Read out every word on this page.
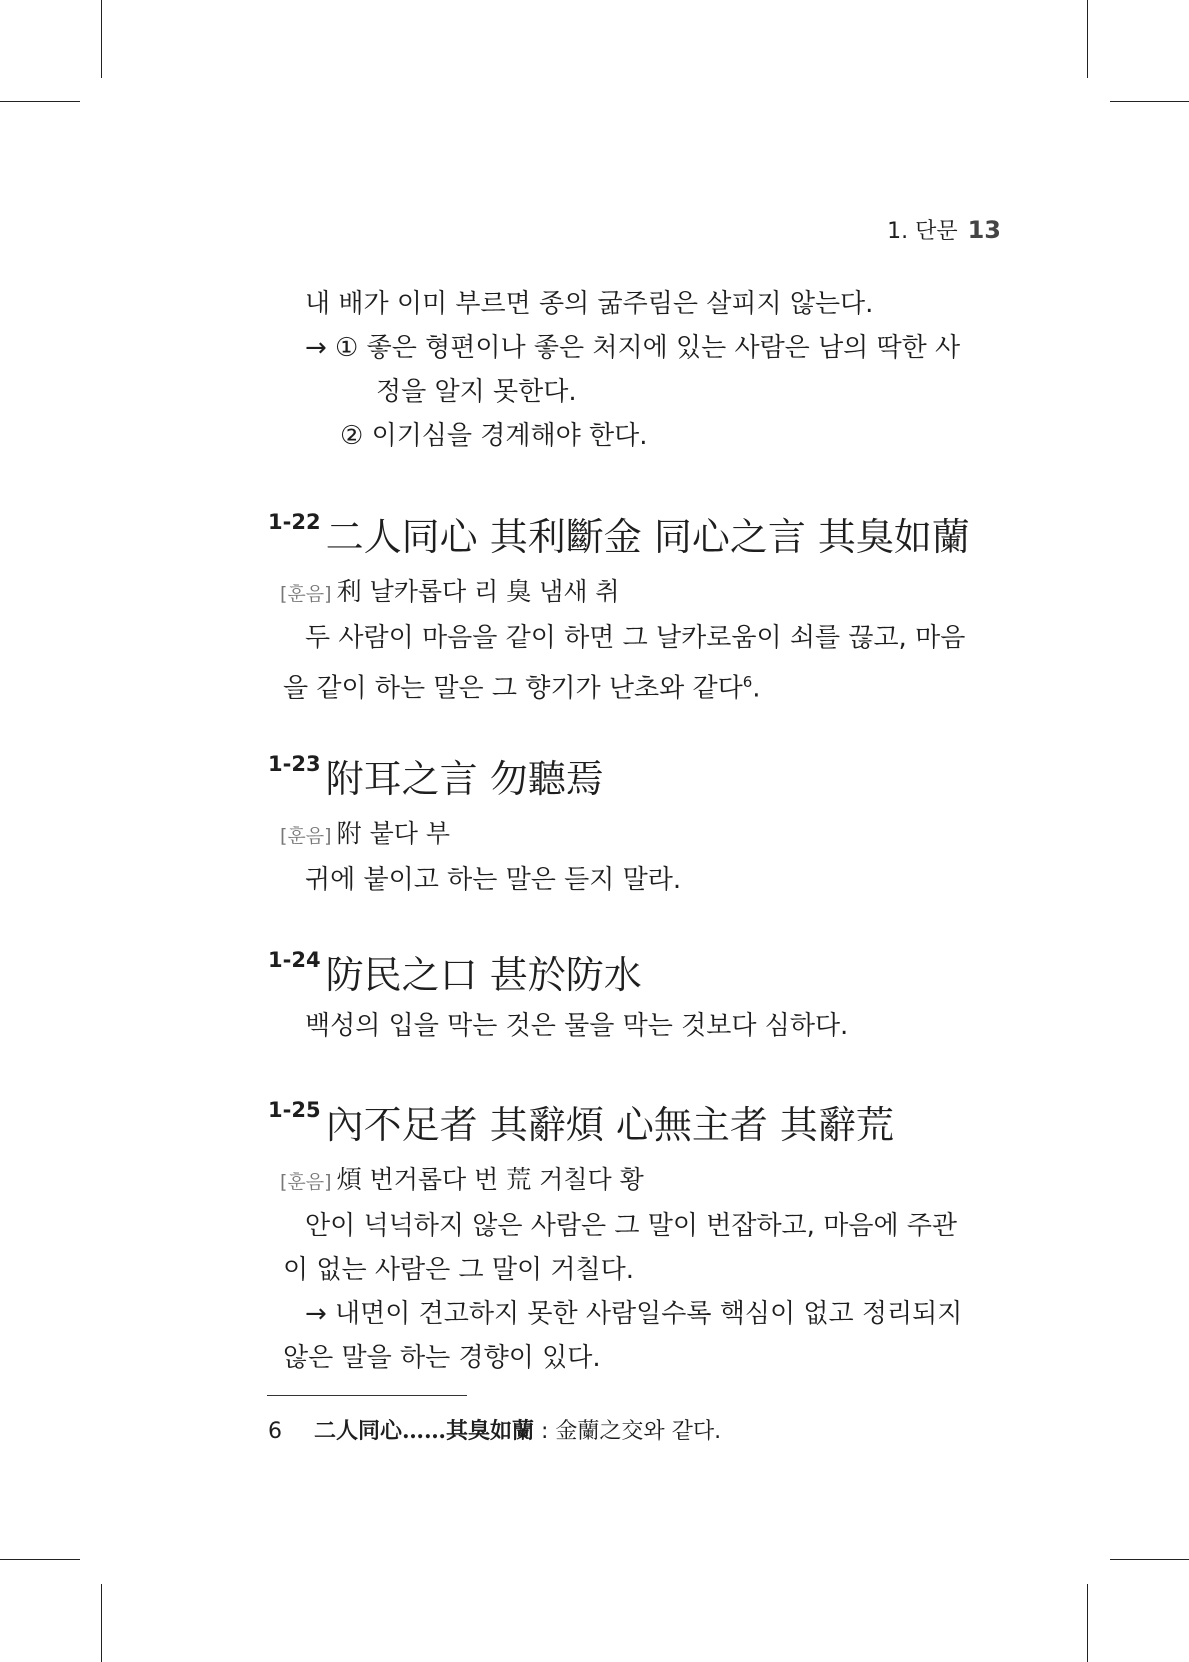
1. 단문 13
내 배가 이미 부르면 종의 굶주림은 살피지 않는다.
→ ① 좋은 형편이나 좋은 처지에 있는 사람은 남의 딱한 사
정을 알지 못한다.
② 이기심을 경계해야 한다.
1-22 二人同心 其利斷金 同心之言 其臭如蘭
[훈음] 利 날카롭다 리 臭 냄새 취
두 사람이 마음을 같이 하면 그 날카로움이 쇠를 끊고, 마음
을 같이 하는 말은 그 향기가 난초와 같다$^6$.
1-23 附耳之言 勿聽焉
[훈음] 附 붙다 부
귀에 붙이고 하는 말은 듣지 말라.
1-24 防民之口 甚於防水
백성의 입을 막는 것은 물을 막는 것보다 심하다.
1-25 內不足者 其辭煩 心無主者 其辭荒
[훈음] 煩 번거롭다 번 荒 거칠다 황
안이 넉넉하지 않은 사람은 그 말이 번잡하고, 마음에 주관
이 없는 사람은 그 말이 거칠다.
→ 내면이 견고하지 못한 사람일수록 핵심이 없고 정리되지
않은 말을 하는 경향이 있다.
6 二人同心……其臭如蘭 : 金蘭之交와 같다.
